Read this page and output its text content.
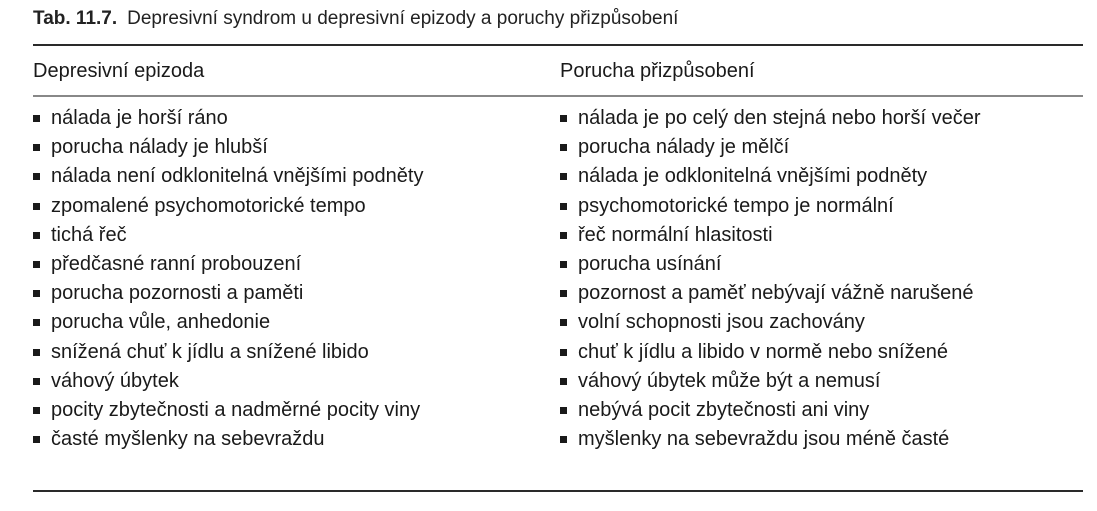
Tab. 11.7. Depresivní syndrom u depresivní epizody a poruchy přizpůsobení
Depresivní epizoda	Porucha přizpůsobení
nálada je horší ráno
porucha nálady je hlubší
nálada není odklonitelná vnějšími podněty
zpomalené psychomotorické tempo
tichá řeč
předčasné ranní probouzení
porucha pozornosti a paměti
porucha vůle, anhedonie
snížená chuť k jídlu a snížené libido
váhový úbytek
pocity zbytečnosti a nadměrné pocity viny
časté myšlenky na sebevraždu
nálada je po celý den stejná nebo horší večer
porucha nálady je mělčí
nálada je odklonitelná vnějšími podněty
psychomotorické tempo je normální
řeč normální hlasitosti
porucha usínání
pozornost a paměť nebývají vážně narušené
volní schopnosti jsou zachovány
chuť k jídlu a libido v normě nebo snížené
váhový úbytek může být a nemusí
nebývá pocit zbytečnosti ani viny
myšlenky na sebevraždu jsou méně časté
